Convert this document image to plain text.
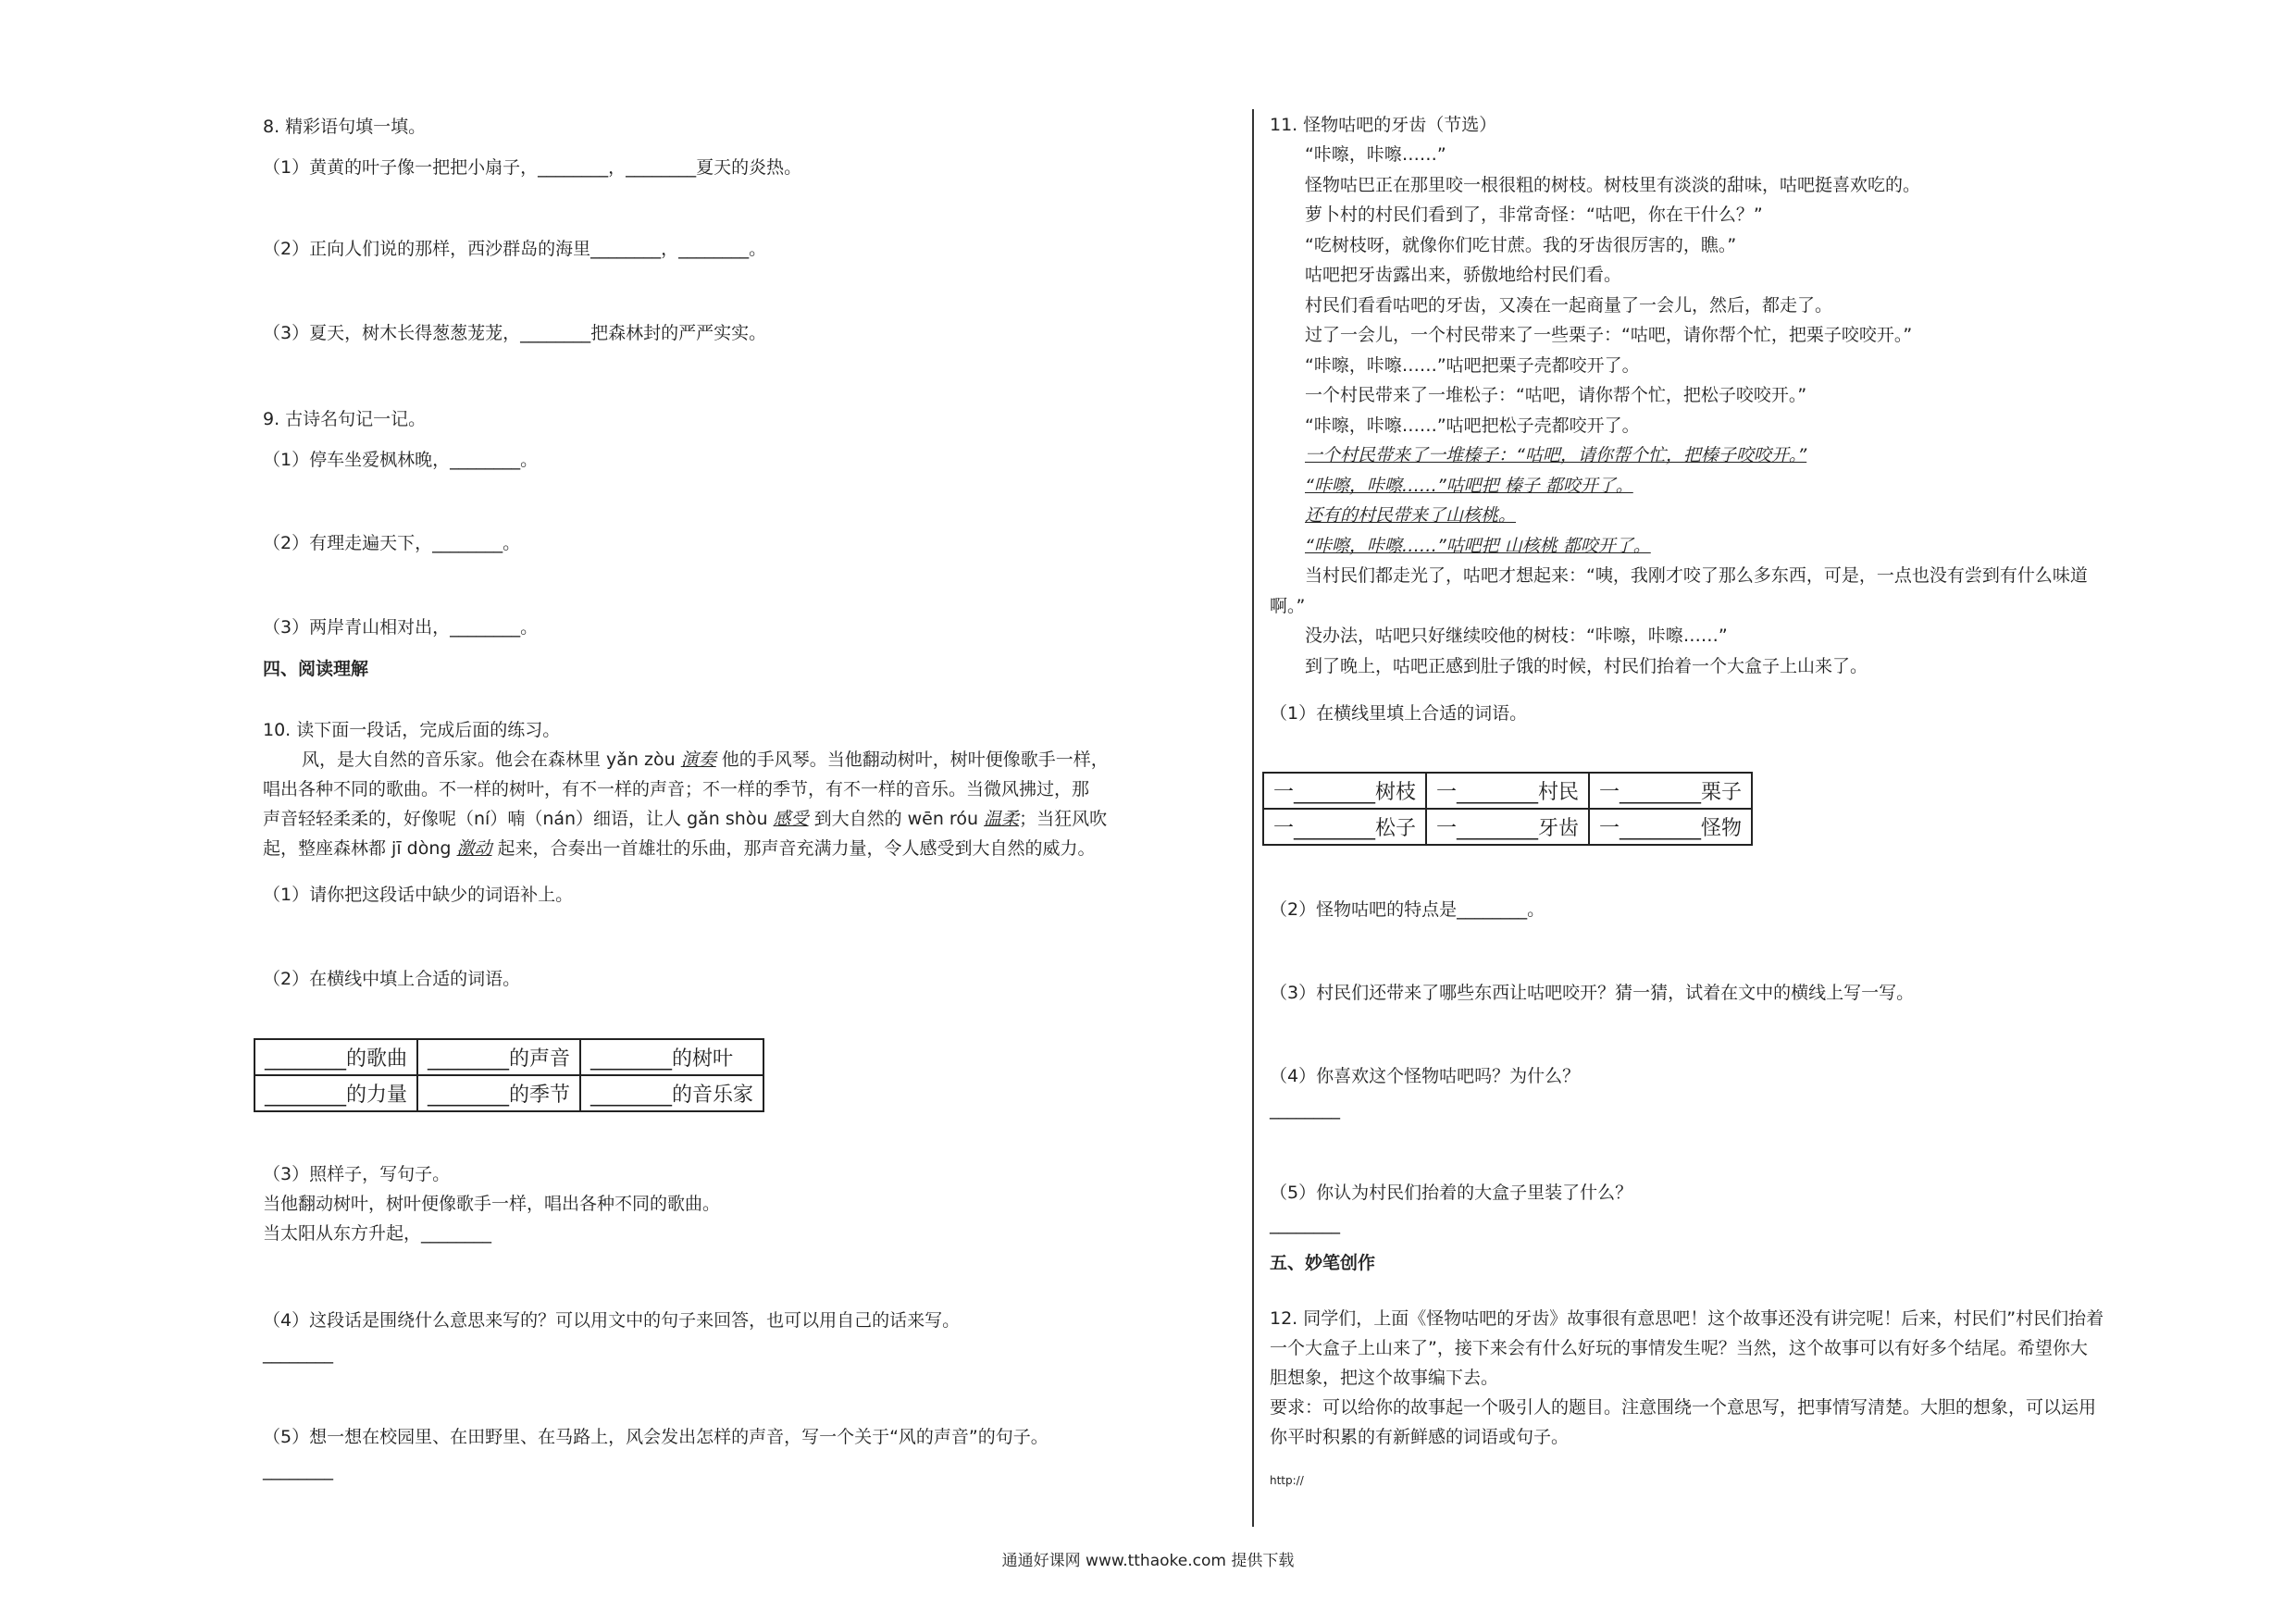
8. 精彩语句填一填。
（1）黄黄的叶子像一把把小扇子，________，________夏天的炎热。
（2）正向人们说的那样，西沙群岛的海里________，________。
（3）夏天，树木长得葱葱茏茏，________把森林封的严严实实。
9. 古诗名句记一记。
（1）停车坐爱枫林晚，________。
（2）有理走遍天下，________。
（3）两岸青山相对出，________。
四、阅读理解
10. 读下面一段话，完成后面的练习。
风，是大自然的音乐家。他会在森林里 yǎn zòu 演奏 他的手风琴。当他翻动树叶，树叶便像歌手一样，
唱出各种不同的歌曲。不一样的树叶，有不一样的声音；不一样的季节，有不一样的音乐。当微风拂过，那
声音轻轻柔柔的，好像呢（ní）喃（nán）细语，让人 gǎn shòu 感受 到大自然的 wēn róu 温柔；当狂风吹
起，整座森林都 jī dòng 激动 起来，合奏出一首雄壮的乐曲，那声音充满力量，令人感受到大自然的威力。
（1）请你把这段话中缺少的词语补上。
（2）在横线中填上合适的词语。
________的歌曲	________的声音	________的树叶
________的力量	________的季节	________的音乐家
（3）照样子，写句子。
当他翻动树叶，树叶便像歌手一样，唱出各种不同的歌曲。
当太阳从东方升起，________
（4）这段话是围绕什么意思来写的？可以用文中的句子来回答，也可以用自己的话来写。
________
（5）想一想在校园里、在田野里、在马路上，风会发出怎样的声音，写一个关于“风的声音”的句子。
________
11. 怪物咕吧的牙齿（节选）
“咔嚓，咔嚓……”
怪物咕巴正在那里咬一根很粗的树枝。树枝里有淡淡的甜味，咕吧挺喜欢吃的。
萝卜村的村民们看到了，非常奇怪：“咕吧，你在干什么？”
“吃树枝呀，就像你们吃甘蔗。我的牙齿很厉害的，瞧。”
咕吧把牙齿露出来，骄傲地给村民们看。
村民们看看咕吧的牙齿，又凑在一起商量了一会儿，然后，都走了。
过了一会儿，一个村民带来了一些栗子：“咕吧，请你帮个忙，把栗子咬咬开。”
“咔嚓，咔嚓……”咕吧把栗子壳都咬开了。
一个村民带来了一堆松子：“咕吧，请你帮个忙，把松子咬咬开。”
“咔嚓，咔嚓……”咕吧把松子壳都咬开了。
一个村民带来了一堆榛子：“咕吧，请你帮个忙，把榛子咬咬开。”
“咔嚓，咔嚓……”咕吧把 榛子 都咬开了。
还有的村民带来了山核桃。
“咔嚓，咔嚓……”咕吧把 山核桃 都咬开了。
当村民们都走光了，咕吧才想起来：“咦，我刚才咬了那么多东西，可是，一点也没有尝到有什么味道
啊。”
没办法，咕吧只好继续咬他的树枝：“咔嚓，咔嚓……”
到了晚上，咕吧正感到肚子饿的时候，村民们抬着一个大盒子上山来了。
（1）在横线里填上合适的词语。
一________树枝	一________村民	一________栗子
一________松子	一________牙齿	一________怪物
（2）怪物咕吧的特点是________。
（3）村民们还带来了哪些东西让咕吧咬开？猜一猜，试着在文中的横线上写一写。
（4）你喜欢这个怪物咕吧吗？为什么？
________
（5）你认为村民们抬着的大盒子里装了什么？
________
五、妙笔创作
12. 同学们，上面《怪物咕吧的牙齿》故事很有意思吧！这个故事还没有讲完呢！后来，村民们”村民们抬着
一个大盒子上山来了”，接下来会有什么好玩的事情发生呢？当然，这个故事可以有好多个结尾。希望你大
胆想象，把这个故事编下去。
要求：可以给你的故事起一个吸引人的题目。注意围绕一个意思写，把事情写清楚。大胆的想象，可以运用
你平时积累的有新鲜感的词语或句子。
http://
通通好课网 www.tthaoke.com 提供下载
